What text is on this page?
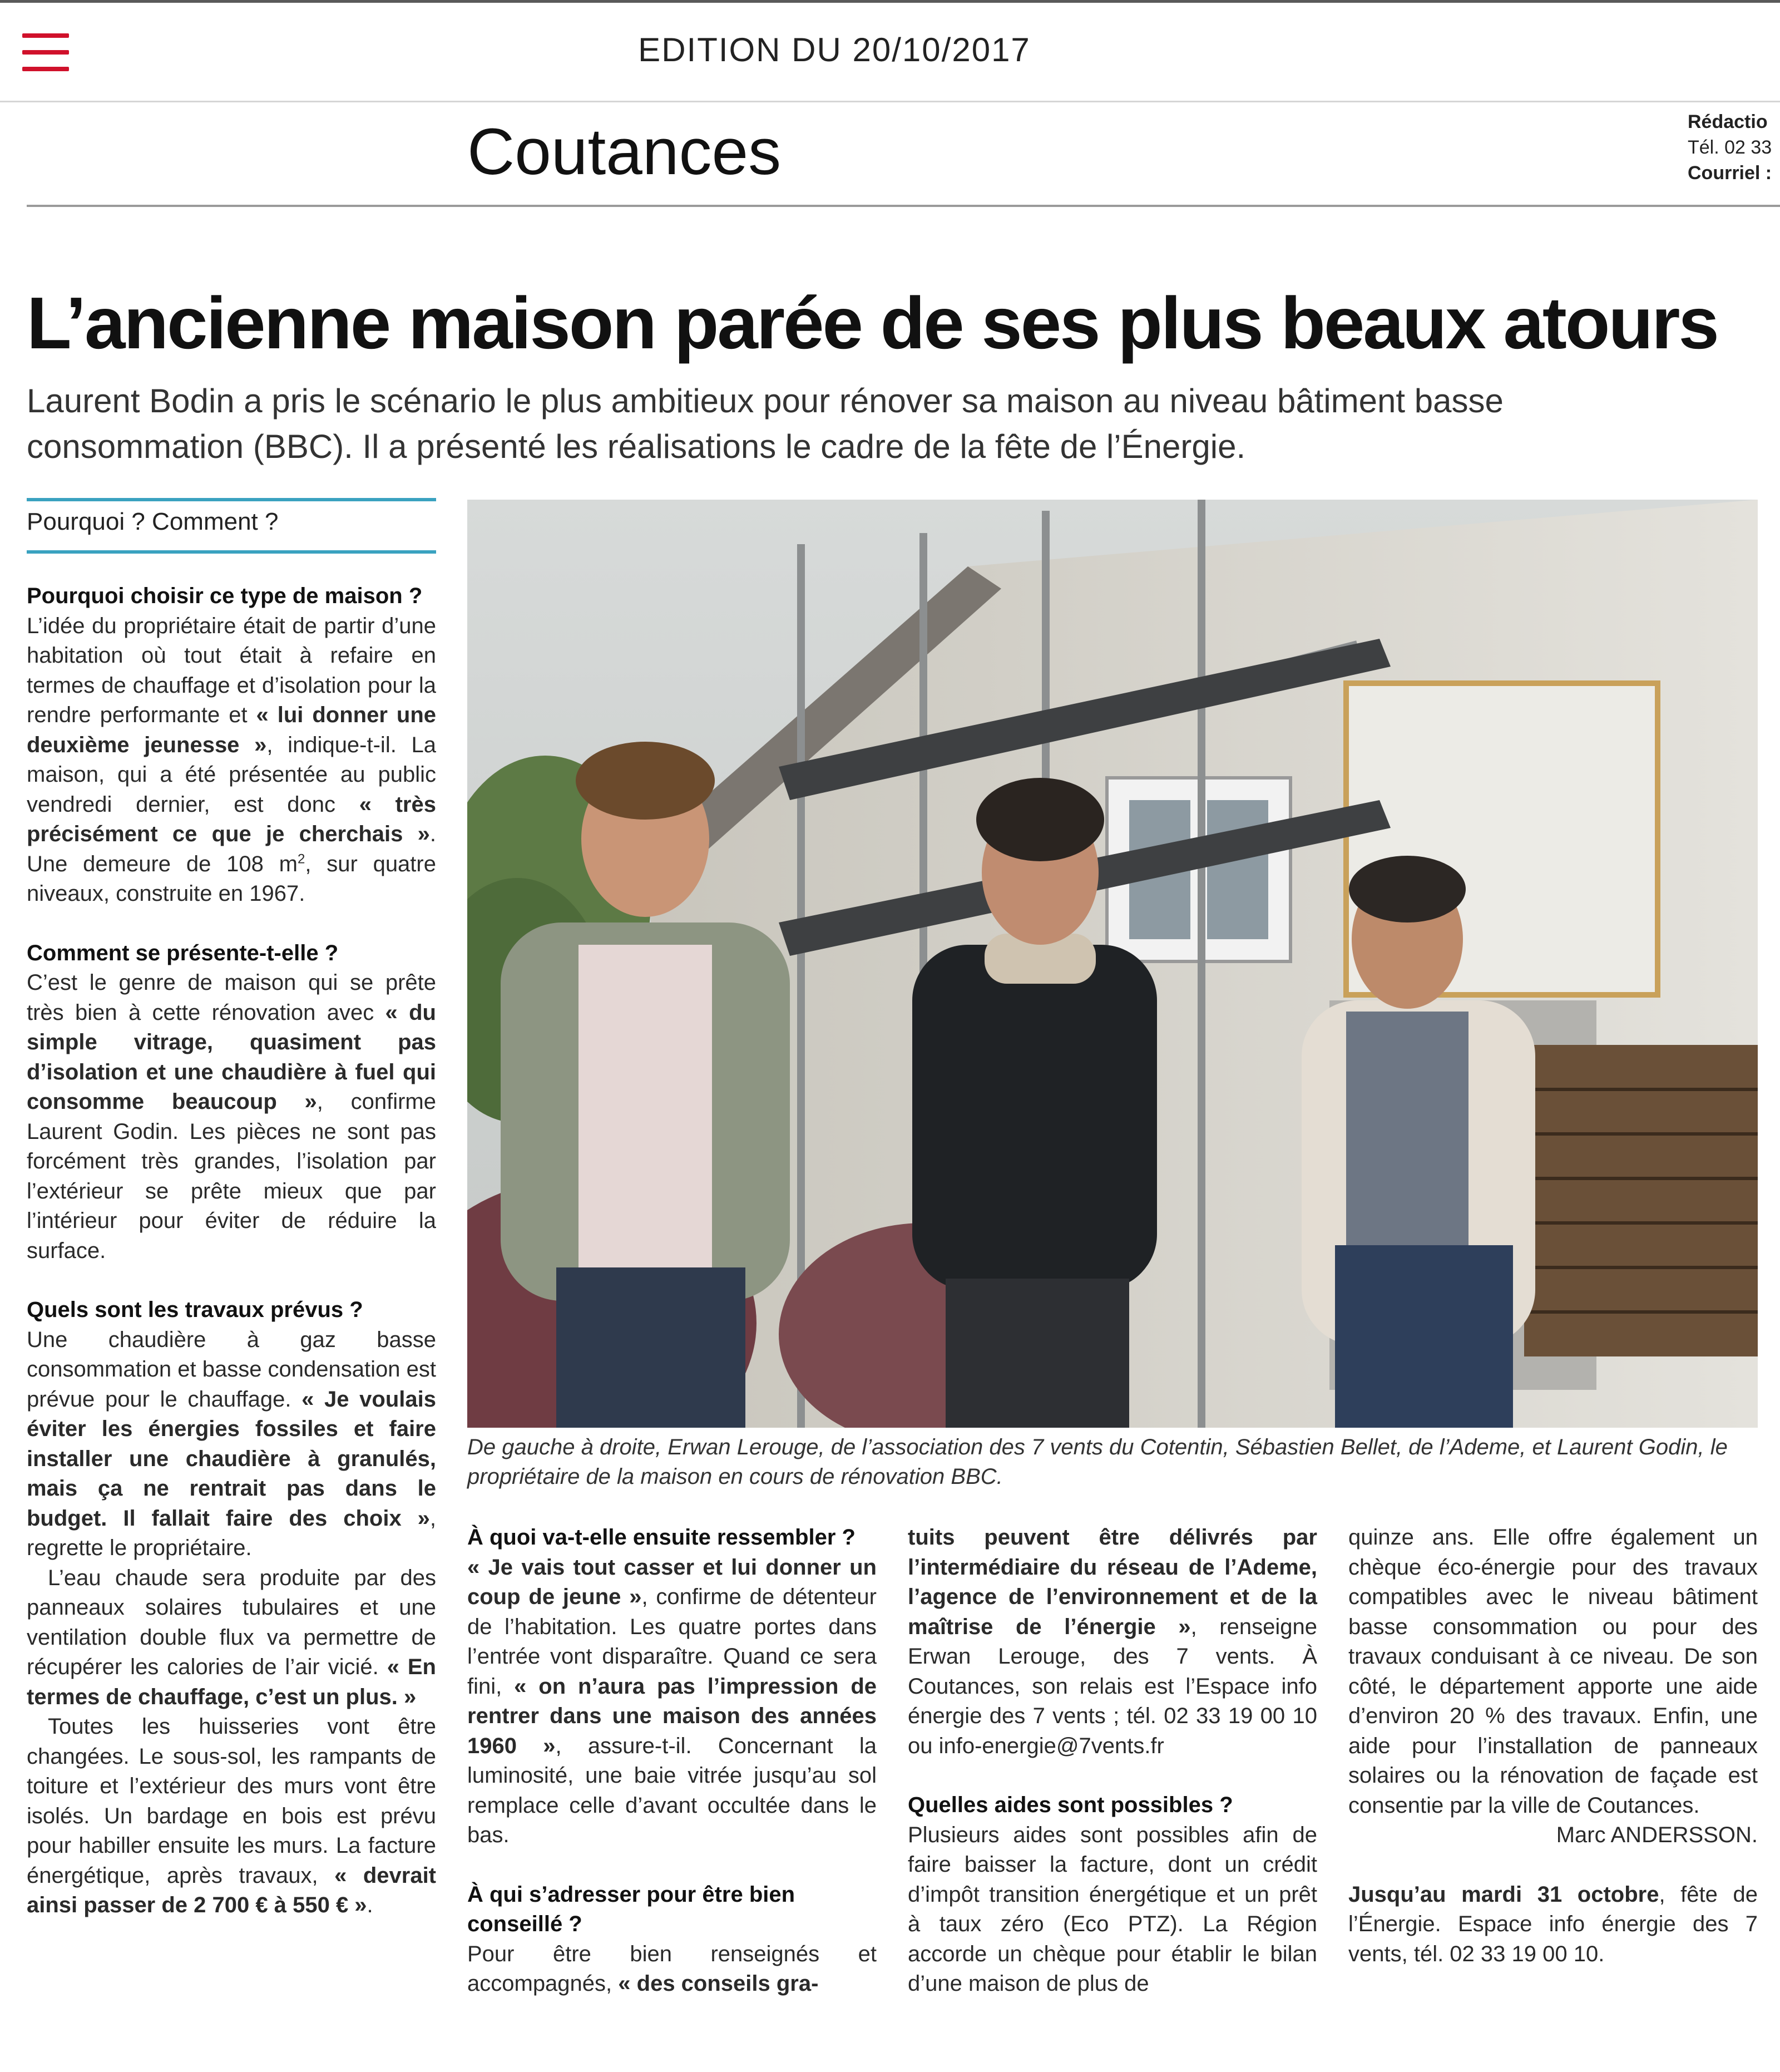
EDITION DU 20/10/2017
Coutances	Rédactio
Tél. 02 33
Courriel :
L’ancienne maison parée de ses plus beaux atours
Laurent Bodin a pris le scénario le plus ambitieux pour rénover sa maison au niveau bâtiment basse consommation (BBC). Il a présenté les réalisations le cadre de la fête de l’Énergie.
Pourquoi ? Comment ?
Pourquoi choisir ce type de maison ?

L’idée du propriétaire était de partir d’une habitation où tout était à refaire en termes de chauffage et d’isolation pour la rendre performante et « lui donner une deuxième jeunesse », indique-t-il. La maison, qui a été présentée au public vendredi dernier, est donc « très précisément ce que je cherchais ». Une demeure de 108 $m^2$, sur quatre niveaux, construite en 1967.

Comment se présente-t-elle ?

C’est le genre de maison qui se prête très bien à cette rénovation avec « du simple vitrage, quasiment pas d’isolation et une chaudière à fuel qui consomme beaucoup », confirme Laurent Godin. Les pièces ne sont pas forcément très grandes, l’isolation par l’extérieur se prête mieux que par l’intérieur pour éviter de réduire la surface.

Quels sont les travaux prévus ?

Une chaudière à gaz basse consommation et basse condensation est prévue pour le chauffage. « Je voulais éviter les énergies fossiles et faire installer une chaudière à granulés, mais ça ne rentrait pas dans le budget. Il fallait faire des choix », regrette le propriétaire.

L’eau chaude sera produite par des panneaux solaires tubulaires et une ventilation double flux va permettre de récupérer les calories de l’air vicié. « En termes de chauffage, c’est un plus. »

Toutes les huisseries vont être changées. Le sous-sol, les rampants de toiture et l’extérieur des murs vont être isolés. Un bardage en bois est prévu pour habiller ensuite les murs. La facture énergétique, après travaux, « devrait ainsi passer de 2 700 € à 550 € ».

De gauche à droite, Erwan Lerouge, de l’association des 7 vents du Cotentin, Sébastien Bellet, de l’Ademe, et Laurent Godin, le propriétaire de la maison en cours de rénovation BBC.
À quoi va-t-elle ensuite ressembler ?

« Je vais tout casser et lui donner un coup de jeune », confirme de détenteur de l’habitation. Les quatre portes dans l’entrée vont disparaître. Quand ce sera fini, « on n’aura pas l’impression de rentrer dans une maison des années 1960 », assure-t-il. Concernant la luminosité, une baie vitrée jusqu’au sol remplace celle d’avant occultée dans le bas.

À qui s’adresser pour être bien conseillé ?

Pour être bien renseignés et accompagnés, « des conseils gra-

tuits peuvent être délivrés par l’intermédiaire du réseau de l’Ademe, l’agence de l’environnement et de la maîtrise de l’énergie », renseigne Erwan Lerouge, des 7 vents. À Coutances, son relais est l’Espace info énergie des 7 vents ; tél. 02 33 19 00 10 ou info-energie@7vents.fr

Quelles aides sont possibles ?

Plusieurs aides sont possibles afin de faire baisser la facture, dont un crédit d’impôt transition énergétique et un prêt à taux zéro (Eco PTZ). La Région accorde un chèque pour établir le bilan d’une maison de plus de

quinze ans. Elle offre également un chèque éco-énergie pour des travaux compatibles avec le niveau bâtiment basse consommation ou pour des travaux conduisant à ce niveau. De son côté, le département apporte une aide d’environ 20 % des travaux. Enfin, une aide pour l’installation de panneaux solaires ou la rénovation de façade est consentie par la ville de Coutances.

Marc ANDERSSON.

Jusqu’au mardi 31 octobre, fête de l’Énergie. Espace info énergie des 7 vents, tél. 02 33 19 00 10.
